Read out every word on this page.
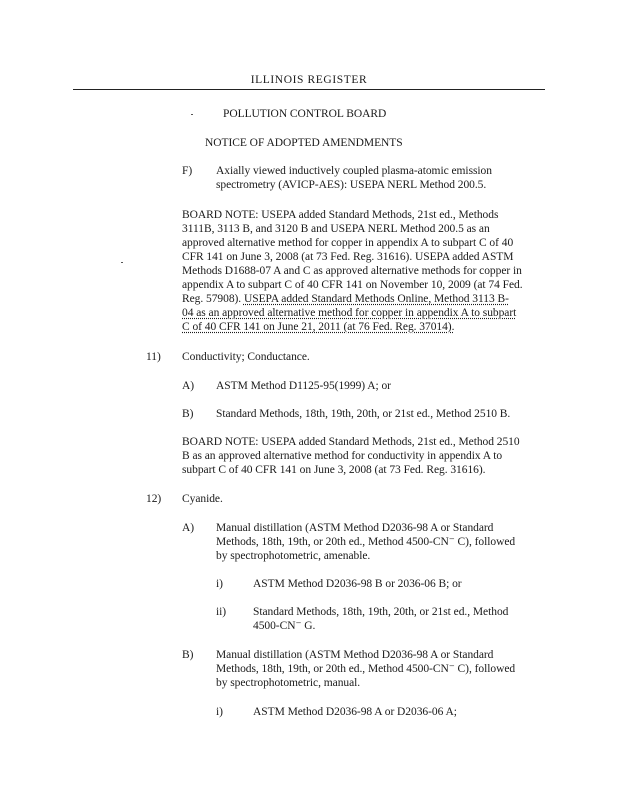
ILLINOIS REGISTER
POLLUTION CONTROL BOARD
NOTICE OF ADOPTED AMENDMENTS
F) Axially viewed inductively coupled plasma-atomic emission
spectrometry (AVICP-AES): USEPA NERL Method 200.5.
BOARD NOTE: USEPA added Standard Methods, 21st ed., Methods
3111B, 3113 B, and 3120 B and USEPA NERL Method 200.5 as an
approved alternative method for copper in appendix A to subpart C of 40
CFR 141 on June 3, 2008 (at 73 Fed. Reg. 31616). USEPA added ASTM
Methods D1688-07 A and C as approved alternative methods for copper in
appendix A to subpart C of 40 CFR 141 on November 10, 2009 (at 74 Fed.
Reg. 57908). USEPA added Standard Methods Online, Method 3113 B-
04 as an approved alternative method for copper in appendix A to subpart
C of 40 CFR 141 on June 21, 2011 (at 76 Fed. Reg. 37014).
11) Conductivity; Conductance.
A) ASTM Method D1125-95(1999) A; or
B) Standard Methods, 18th, 19th, 20th, or 21st ed., Method 2510 B.
BOARD NOTE: USEPA added Standard Methods, 21st ed., Method 2510
B as an approved alternative method for conductivity in appendix A to
subpart C of 40 CFR 141 on June 3, 2008 (at 73 Fed. Reg. 31616).
12) Cyanide.
A) Manual distillation (ASTM Method D2036-98 A or Standard
Methods, 18th, 19th, or 20th ed., Method 4500-CN⁻ C), followed
by spectrophotometric, amenable.
i)	ASTM Method D2036-98 B or 2036-06 B; or
ii) Standard Methods, 18th, 19th, 20th, or 21st ed., Method
4500-CN⁻ G.
B) Manual distillation (ASTM Method D2036-98 A or Standard
Methods, 18th, 19th, or 20th ed., Method 4500-CN⁻ C), followed
by spectrophotometric, manual.
i)	ASTM Method D2036-98 A or D2036-06 A;
